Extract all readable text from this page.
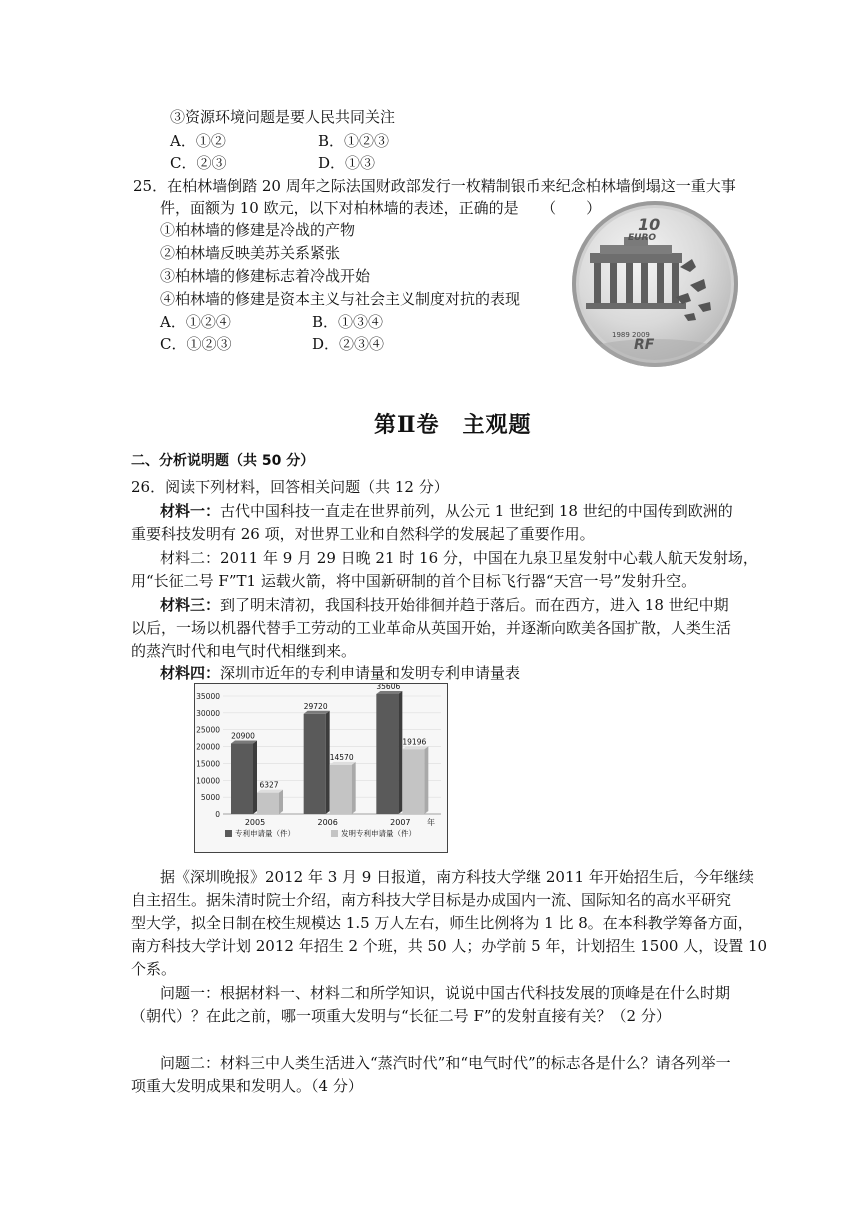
③资源环境问题是要人民共同关注
A．①②	B．①②③
C．②③	D．①③
25．在柏林墙倒踏 20 周年之际法国财政部发行一枚精制银币来纪念柏林墙倒塌这一重大事
件，面额为 10 欧元，以下对柏林墙的表述，正确的是　　（　　）
①柏林墙的修建是冷战的产物
②柏林墙反映美苏关系紧张
③柏林墙的修建标志着冷战开始
④柏林墙的修建是资本主义与社会主义制度对抗的表现
A．①②④	B．①③④
C．①②③	D．②③④
10
EURO
1989 2009
RF
第Ⅱ卷　主观题
二、分析说明题（共 50 分）
26．阅读下列材料，回答相关问题（共 12 分）
材料一：古代中国科技一直走在世界前列，从公元 1 世纪到 18 世纪的中国传到欧洲的
重要科技发明有 26 项，对世界工业和自然科学的发展起了重要作用。
材料二：2011 年 9 月 29 日晚 21 时 16 分，中国在九泉卫星发射中心载人航天发射场，
用“长征二号 F”T1 运载火箭，将中国新研制的首个目标飞行器“天宫一号”发射升空。
材料三：到了明末清初，我国科技开始徘徊并趋于落后。而在西方，进入 18 世纪中期
以后，一场以机器代替手工劳动的工业革命从英国开始，并逐渐向欧美各国扩散，人类生活
的蒸汽时代和电气时代相继到来。
材料四：深圳市近年的专利申请量和发明专利申请量表
35000
30000
25000
20000
15000
10000
5000
0
20900
6327
2005
29720
14570
2006
35606
19196
2007 年
专利申请量（件）	发明专利申请量（件）
据《深圳晚报》2012 年 3 月 9 日报道，南方科技大学继 2011 年开始招生后，今年继续
自主招生。据朱清时院士介绍，南方科技大学目标是办成国内一流、国际知名的高水平研究
型大学，拟全日制在校生规模达 1.5 万人左右，师生比例将为 1 比 8。在本科教学筹备方面，
南方科技大学计划 2012 年招生 2 个班，共 50 人；办学前 5 年，计划招生 1500 人，设置 10
个系。
问题一：根据材料一、材料二和所学知识，说说中国古代科技发展的顶峰是在什么时期
（朝代）？在此之前，哪一项重大发明与“长征二号 F”的发射直接有关？（2 分）
问题二：材料三中人类生活进入“蒸汽时代”和“电气时代”的标志各是什么？请各列举一
项重大发明成果和发明人。（4 分）
